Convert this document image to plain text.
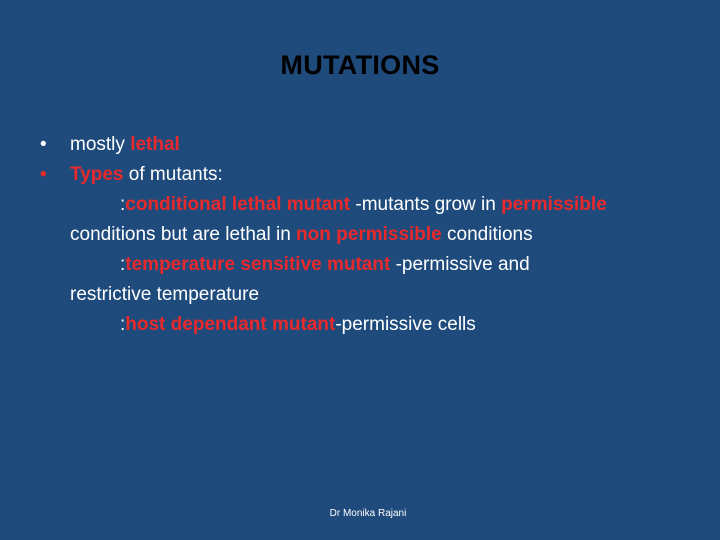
MUTATIONS
• mostly lethal
• Types of mutants:
:conditional lethal mutant -mutants grow in permissible
conditions but are lethal in non permissible conditions
:temperature sensitive mutant -permissive and
restrictive temperature
:host dependant mutant-permissive cells
Dr Monika Rajani
